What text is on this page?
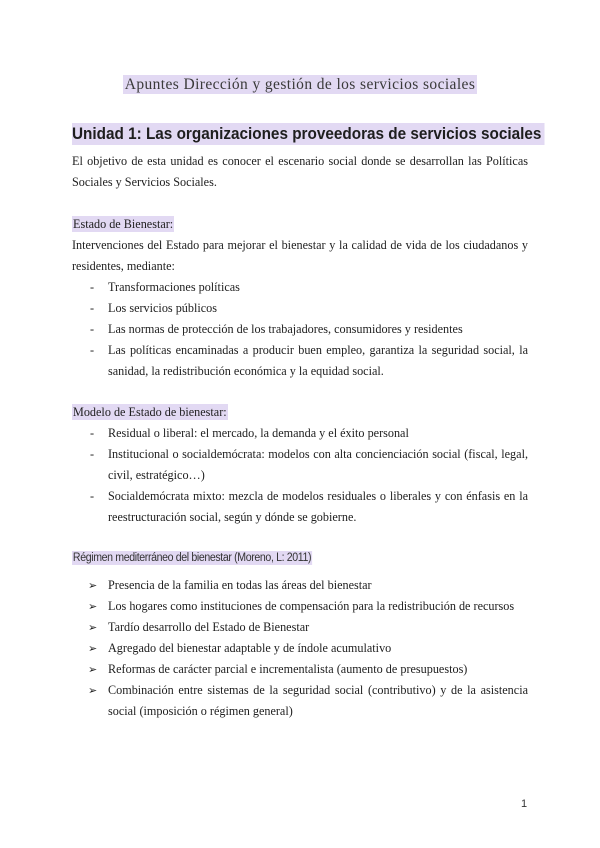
Apuntes Dirección y gestión de los servicios sociales
Unidad 1: Las organizaciones proveedoras de servicios sociales

El objetivo de esta unidad es conocer el escenario social donde se desarrollan las Políticas Sociales y Servicios Sociales.

Estado de Bienestar:

Intervenciones del Estado para mejorar el bienestar y la calidad de vida de los ciudadanos y residentes, mediante:

- Transformaciones políticas
- Los servicios públicos
- Las normas de protección de los trabajadores, consumidores y residentes
- Las políticas encaminadas a producir buen empleo, garantiza la seguridad social, la sanidad, la redistribución económica y la equidad social.
Modelo de Estado de bienestar:
- Residual o liberal: el mercado, la demanda y el éxito personal
- Institucional o socialdemócrata: modelos con alta concienciación social (fiscal, legal, civil, estratégico…)
- Socialdemócrata mixto: mezcla de modelos residuales o liberales y con énfasis en la reestructuración social, según y dónde se gobierne.
Régimen mediterráneo del bienestar (Moreno, L: 2011)
➢ Presencia de la familia en todas las áreas del bienestar
➢ Los hogares como instituciones de compensación para la redistribución de recursos
➢ Tardío desarrollo del Estado de Bienestar
➢ Agregado del bienestar adaptable y de índole acumulativo
➢ Reformas de carácter parcial e incrementalista (aumento de presupuestos)
➢ Combinación entre sistemas de la seguridad social (contributivo) y de la asistencia social (imposición o régimen general)
1
